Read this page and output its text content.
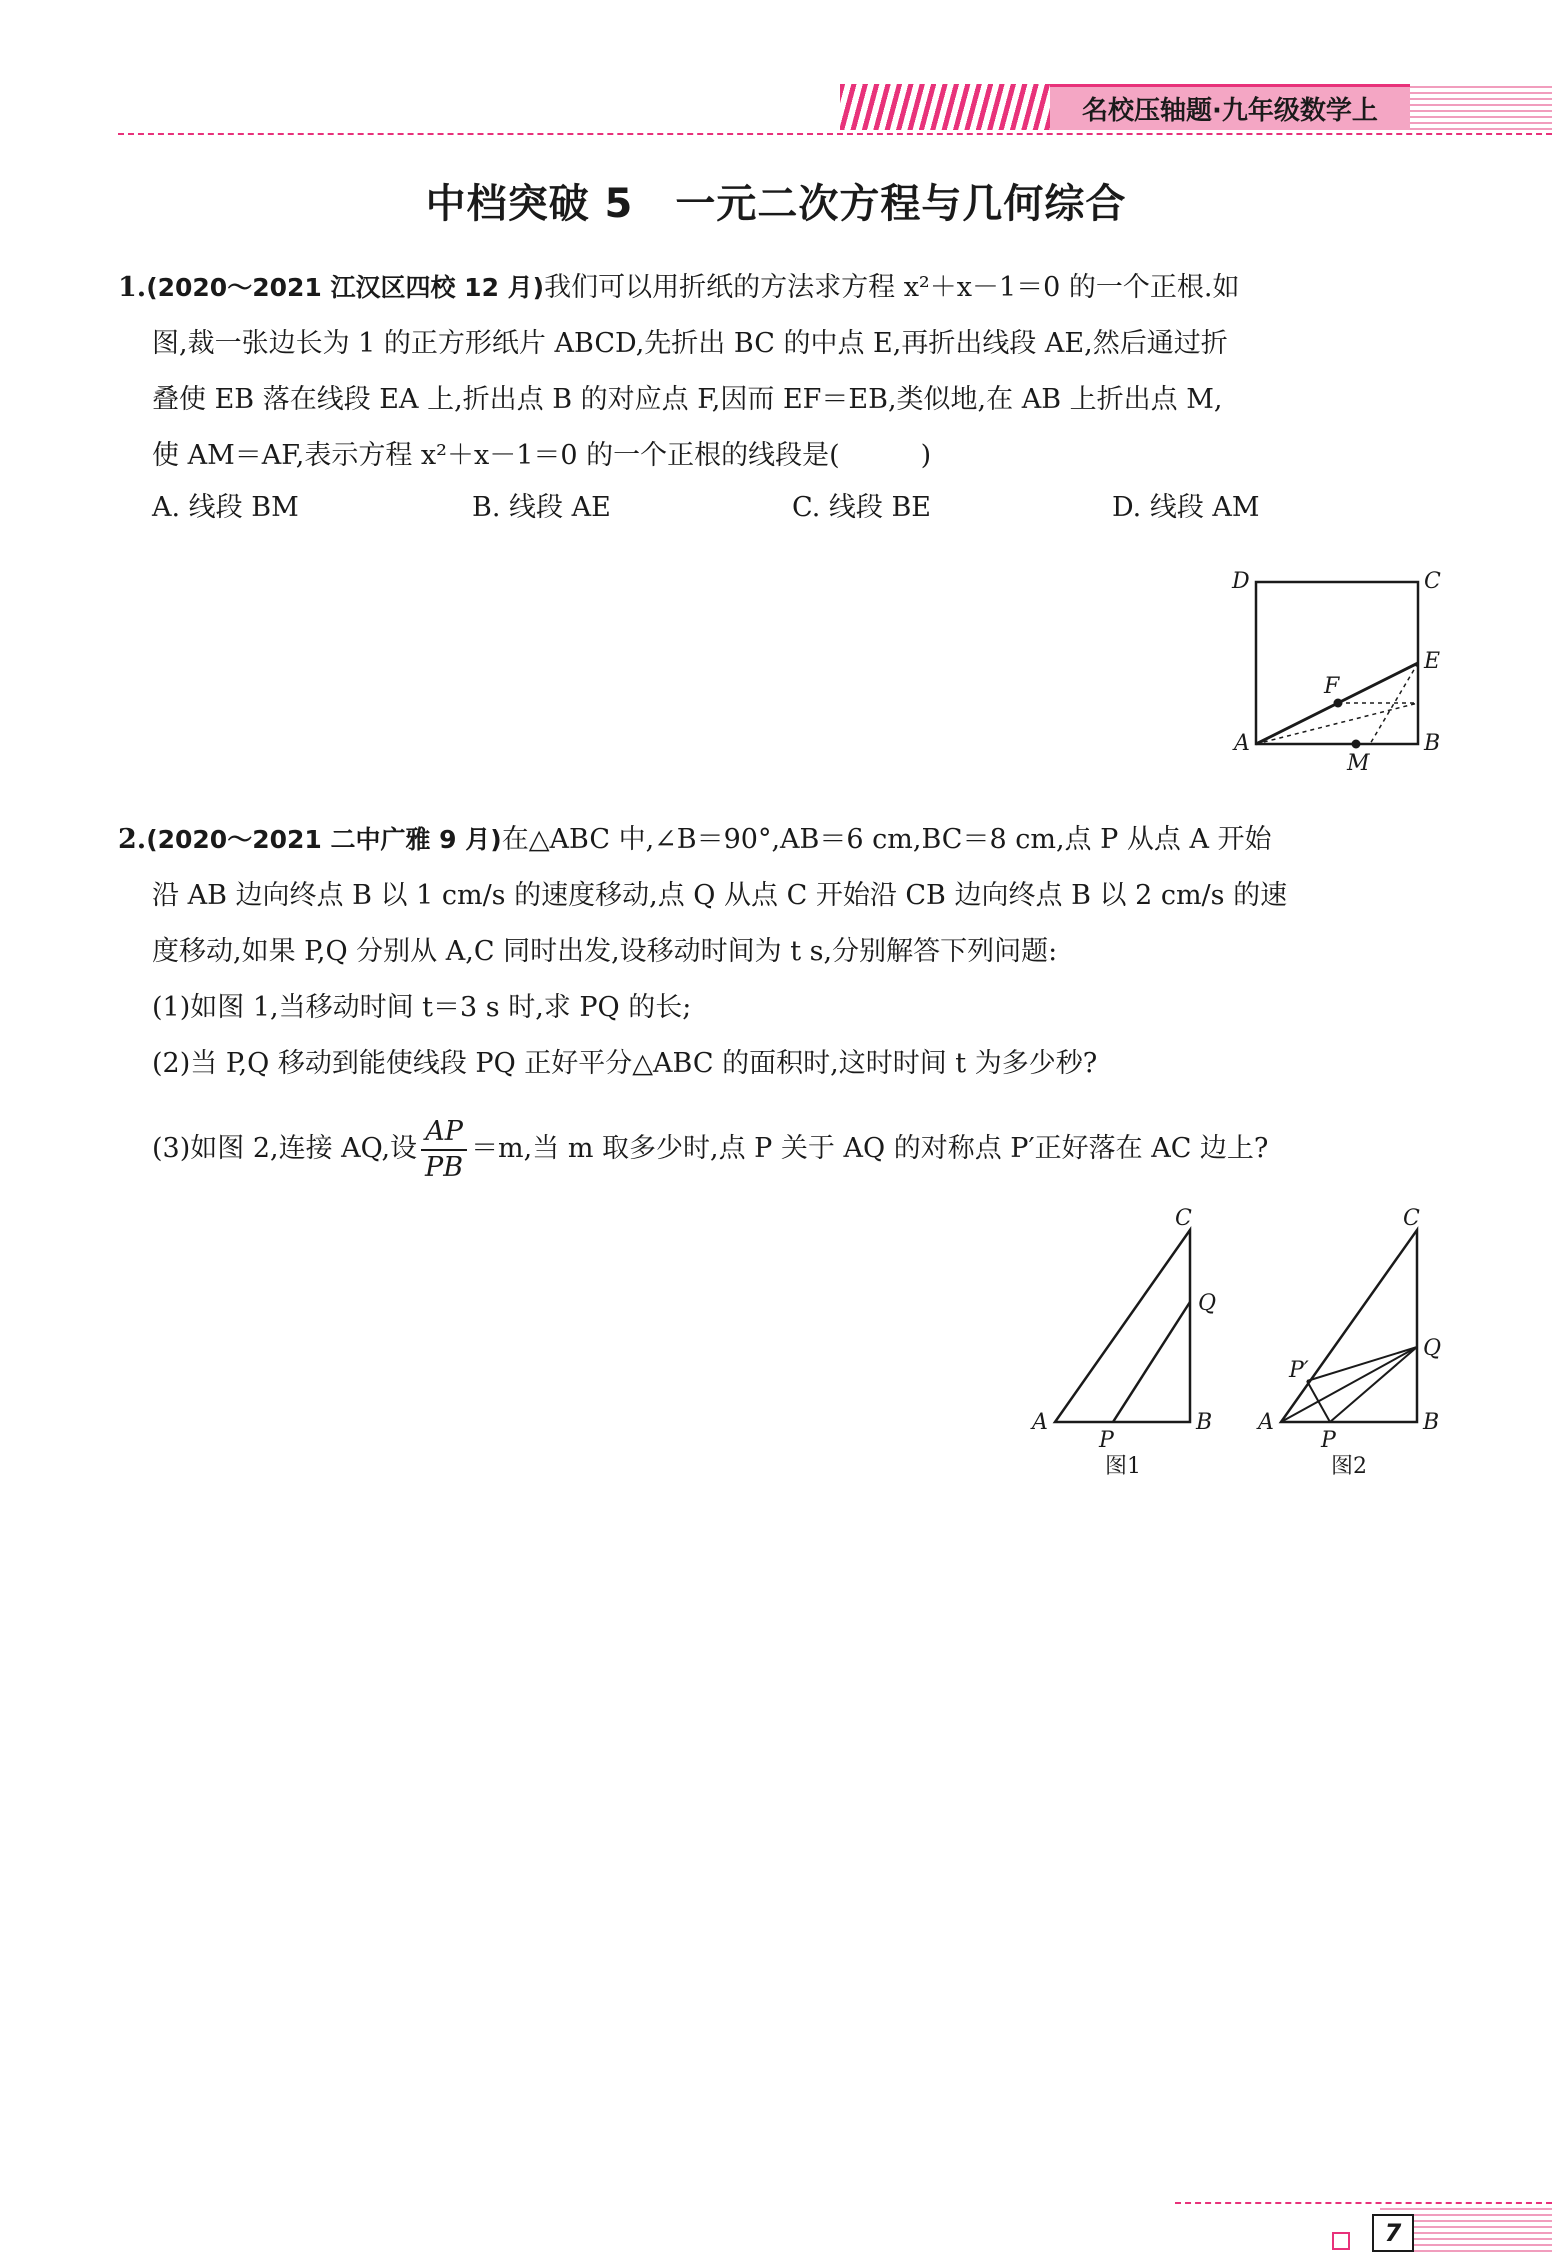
名校压轴题·九年级数学上
中档突破 5 一元二次方程与几何综合
1.(2020～2021 江汉区四校 12 月)我们可以用折纸的方法求方程 x²＋x－1＝0 的一个正根.如
图,裁一张边长为 1 的正方形纸片 ABCD,先折出 BC 的中点 E,再折出线段 AE,然后通过折
叠使 EB 落在线段 EA 上,折出点 B 的对应点 F,因而 EF＝EB,类似地,在 AB 上折出点 M,
使 AM＝AF,表示方程 x²＋x－1＝0 的一个正根的线段是(　　　)
A. 线段 BM	B. 线段 AE	C. 线段 BE	D. 线段 AM
D	C
E
F
A	B
M
2.(2020～2021 二中广雅 9 月)在△ABC 中,∠B＝90°,AB＝6 cm,BC＝8 cm,点 P 从点 A 开始
沿 AB 边向终点 B 以 1 cm/s 的速度移动,点 Q 从点 C 开始沿 CB 边向终点 B 以 2 cm/s 的速
度移动,如果 P,Q 分别从 A,C 同时出发,设移动时间为 t s,分别解答下列问题:
(1)如图 1,当移动时间 t＝3 s 时,求 PQ 的长;
(2)当 P,Q 移动到能使线段 PQ 正好平分△ABC 的面积时,这时时间 t 为多少秒?
(3)如图 2,连接 AQ,设 $\frac{AP}{PB} =m$,当 m 取多少时,点 P 关于 AQ 的对称点 P′正好落在 AC 边上?
C
Q
A	B
P
图1
C
Q
P′
A	B
P
图2
7
